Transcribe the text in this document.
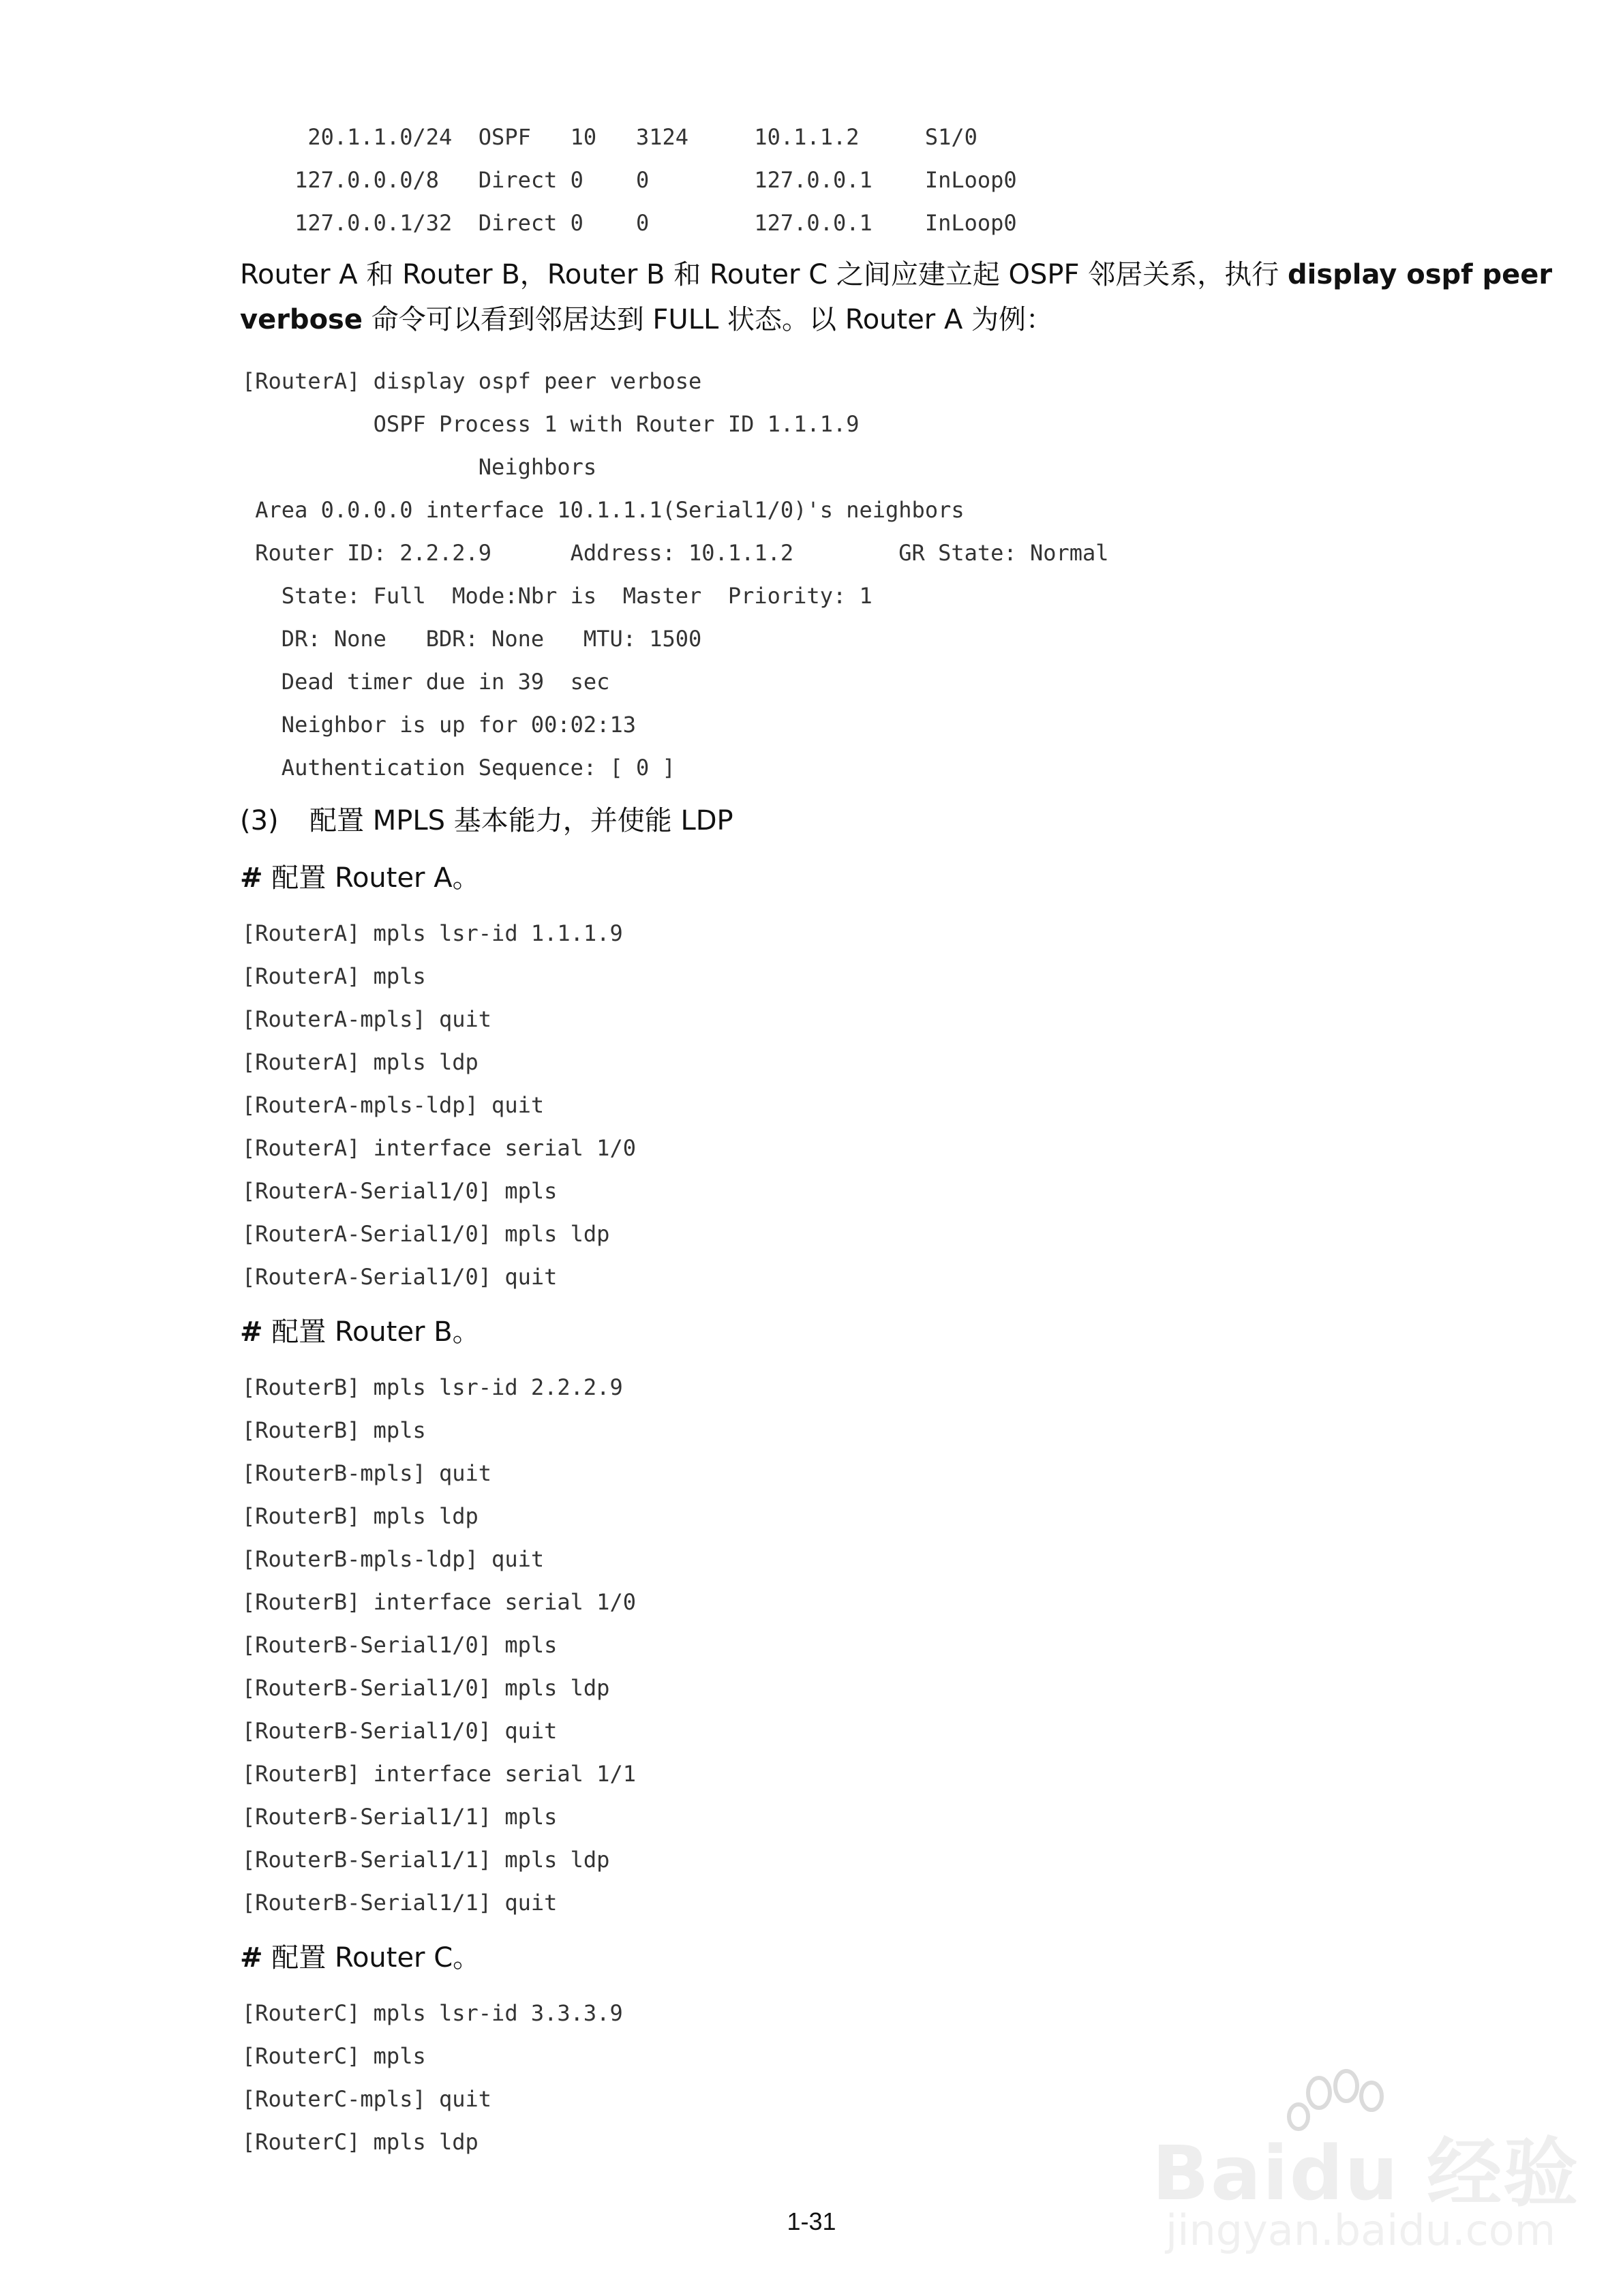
20.1.1.0/24  OSPF   10   3124     10.1.1.2     S1/0
127.0.0.0/8   Direct 0    0        127.0.0.1    InLoop0
127.0.0.1/32  Direct 0    0        127.0.0.1    InLoop0
Router A 和 Router B，Router B 和 Router C 之间应建立起 OSPF 邻居关系，执行 display ospf peer
verbose 命令可以看到邻居达到 FULL 状态。以 Router A 为例：
[RouterA] display ospf peer verbose
OSPF Process 1 with Router ID 1.1.1.9
Neighbors
Area 0.0.0.0 interface 10.1.1.1(Serial1/0)'s neighbors
Router ID: 2.2.2.9      Address: 10.1.1.2        GR State: Normal
State: Full  Mode:Nbr is  Master  Priority: 1
DR: None   BDR: None   MTU: 1500
Dead timer due in 39  sec
Neighbor is up for 00:02:13
Authentication Sequence: [ 0 ]
(3) 配置 MPLS 基本能力，并使能 LDP
# 配置 Router A。
[RouterA] mpls lsr-id 1.1.1.9
[RouterA] mpls
[RouterA-mpls] quit
[RouterA] mpls ldp
[RouterA-mpls-ldp] quit
[RouterA] interface serial 1/0
[RouterA-Serial1/0] mpls
[RouterA-Serial1/0] mpls ldp
[RouterA-Serial1/0] quit
# 配置 Router B。
[RouterB] mpls lsr-id 2.2.2.9
[RouterB] mpls
[RouterB-mpls] quit
[RouterB] mpls ldp
[RouterB-mpls-ldp] quit
[RouterB] interface serial 1/0
[RouterB-Serial1/0] mpls
[RouterB-Serial1/0] mpls ldp
[RouterB-Serial1/0] quit
[RouterB] interface serial 1/1
[RouterB-Serial1/1] mpls
[RouterB-Serial1/1] mpls ldp
[RouterB-Serial1/1] quit
# 配置 Router C。
[RouterC] mpls lsr-id 3.3.3.9
[RouterC] mpls
[RouterC-mpls] quit
[RouterC] mpls ldp
1-31
Baidu 经验
jingyan.baidu.com
